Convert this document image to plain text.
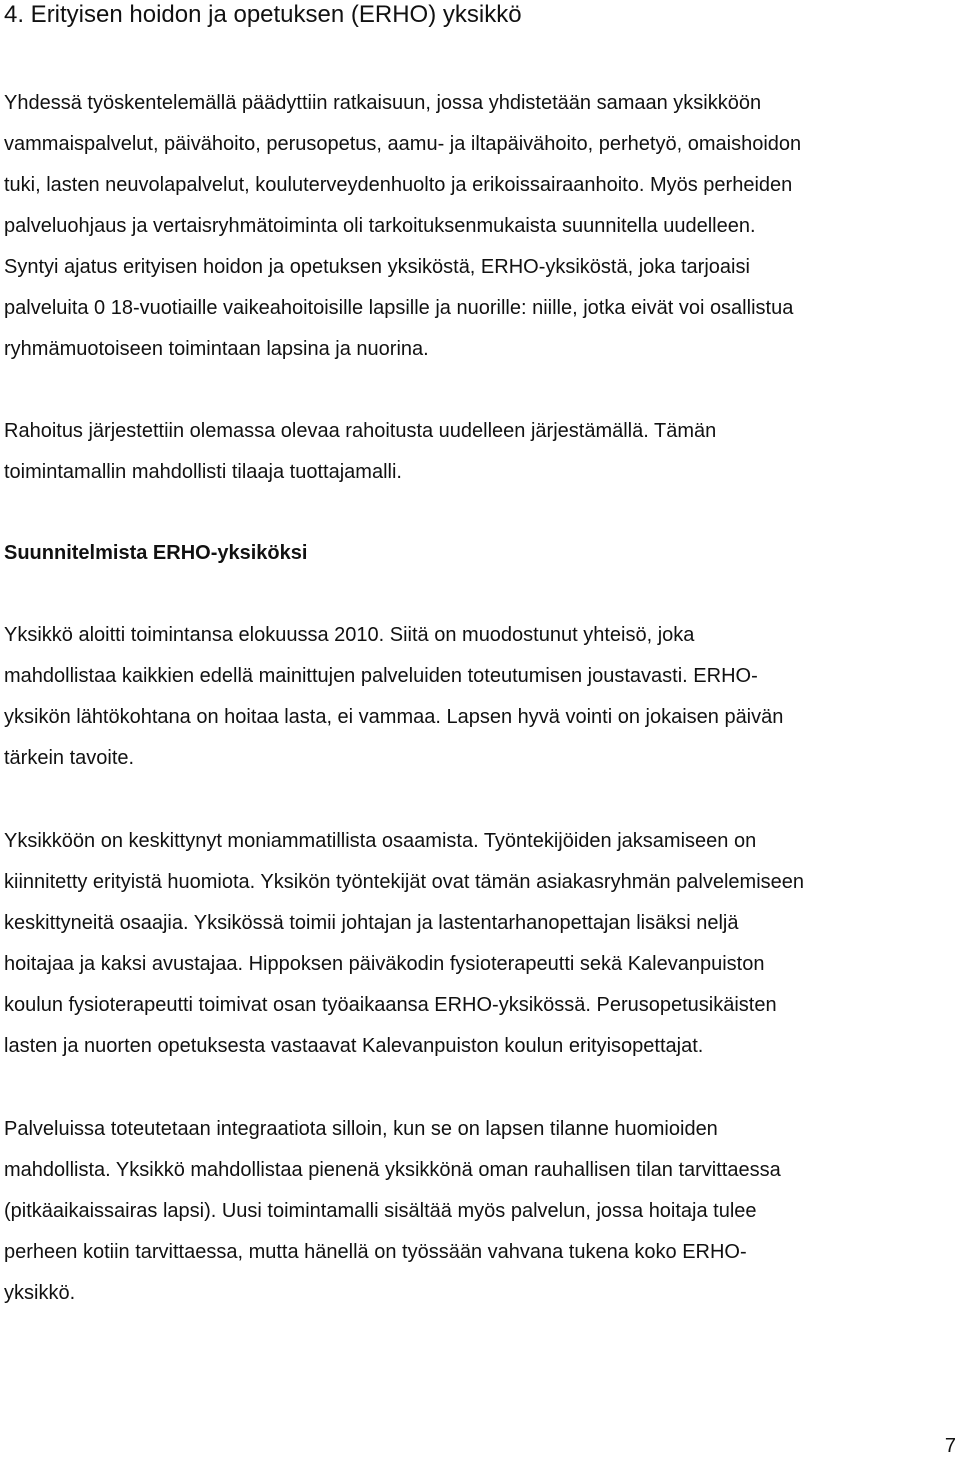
4. Erityisen hoidon ja opetuksen (ERHO) yksikkö
Yhdessä työskentelemällä päädyttiin ratkaisuun, jossa yhdistetään samaan yksikköön
vammaispalvelut, päivähoito, perusopetus, aamu- ja iltapäivähoito, perhetyö, omaishoidon
tuki, lasten neuvolapalvelut, kouluterveydenhuolto ja erikoissairaanhoito. Myös perheiden
palveluohjaus ja vertaisryhmätoiminta oli tarkoituksenmukaista suunnitella uudelleen.
Syntyi ajatus erityisen hoidon ja opetuksen yksiköstä, ERHO-yksiköstä, joka tarjoaisi
palveluita 0 18-vuotiaille vaikeahoitoisille lapsille ja nuorille: niille, jotka eivät voi osallistua
ryhmämuotoiseen toimintaan lapsina ja nuorina.
Rahoitus järjestettiin olemassa olevaa rahoitusta uudelleen järjestämällä. Tämän
toimintamallin mahdollisti tilaaja tuottajamalli.
Suunnitelmista ERHO-yksiköksi
Yksikkö aloitti toimintansa elokuussa 2010. Siitä on muodostunut yhteisö, joka
mahdollistaa kaikkien edellä mainittujen palveluiden toteutumisen joustavasti. ERHO-
yksikön lähtökohtana on hoitaa lasta, ei vammaa. Lapsen hyvä vointi on jokaisen päivän
tärkein tavoite.
Yksikköön on keskittynyt moniammatillista osaamista. Työntekijöiden jaksamiseen on
kiinnitetty erityistä huomiota. Yksikön työntekijät ovat tämän asiakasryhmän palvelemiseen
keskittyneitä osaajia. Yksikössä toimii johtajan ja lastentarhanopettajan lisäksi neljä
hoitajaa ja kaksi avustajaa. Hippoksen päiväkodin fysioterapeutti sekä Kalevanpuiston
koulun fysioterapeutti toimivat osan työaikaansa ERHO-yksikössä. Perusopetusikäisten
lasten ja nuorten opetuksesta vastaavat Kalevanpuiston koulun erityisopettajat.
Palveluissa toteutetaan integraatiota silloin, kun se on lapsen tilanne huomioiden
mahdollista. Yksikkö mahdollistaa pienenä yksikkönä oman rauhallisen tilan tarvittaessa
(pitkäaikaissairas lapsi). Uusi toimintamalli sisältää myös palvelun, jossa hoitaja tulee
perheen kotiin tarvittaessa, mutta hänellä on työssään vahvana tukena koko ERHO-
yksikkö.
7
